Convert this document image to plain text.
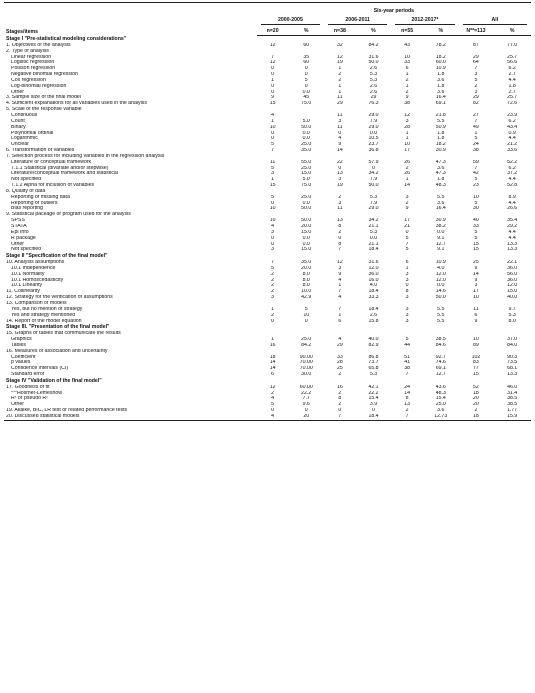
	Six-year periods							
Stages/items	2000-2005		2006-2011		2012-2017*		All	

	n=20	%	n=38	%	n=55	%	N**=113	%
Stage I "Pre-statistical modeling considerations"								
1. Objectives of the analysis	12	60	32	84.2	43	78.2	87	77.0
2. Type of analysis								
Linear regression	7	35	12	31.6	10	18.2	29	25.7
Logistic regression	12	60	19	50.0	33	60.0	64	56.6
Poisson regression	0	0	1	2.6	6	10.9	7	6.2
Negative binomial regression	0	0	2	5.3	1	1.8	3	2.7
Cox regression	1	5	2	5.3	2	3.6	5	4.4
Log-binomial regression	0	0	1	2.6	1	1.8	2	1.8
Other	0	0.0	1	2.6	2	3.6	3	2.7
3. Sample size of the final model	9	45	11	29	9	16.4	29	25.7
4. Sufficient explanations for all variables used in the analysis	15	75.0	29	76.3	38	69.1	82	72.6
5. Scale of the response variable								
Continuous	4		11	29.0	12	21.8	27	23.9
Count	1	5.0	3	7.9	3	5.5	7	6.2
Binary	10	50.0	11	29.0	28	50.9	49	43.4
Polynomial ordinal	0	0.0	0	0.0	1	1.8	1	0.9
Logarithmic	0	0.0	4	10.5	1	1.8	5	4.4
Unclear	5	25.0	9	23.7	10	18.2	24	21.2
6. Transformation of variables	7	35.0	14	36.8	17	30.9	38	33.6
7. Selection process for including variables in the regression analysis								
Literature or conceptual framework	11	55.0	22	57.9	26	47.3	59	52.2
7.1.1 Statistical (bivariate and/or stepwise)	5	25.0	0	0	2	3.6	7	6.2
Literature/conceptual framework and statistical	3	15.0	13	34.2	26	47.3	42	37.2
Not specified	1	5.0	3	7.9	1	1.8	5	4.4
7.1.2 Alpha for inclusion of variables	15	75.0	19	50.0	14	48.3	23	52.8
8. Quality of data								
Reporting of missing data	5	25.0	2	5.3	3	5.5	10	8.9
Reporting of outliers	0	0.0	3	7.9	2	3.6	5	4.4
Bias reporting	10	50.0	11	29.0	9	16.4	30	26.6
9. Statistical package or program used for the analysis								
SPSS	10	50.0	13	34.2	17	30.9	40	35.4
STATA	4	20.0	8	21.1	21	38.2	33	29.2
Epi Info	3	15.0	2	5.3	0	0.0	5	4.4
R package	0	0.0	0	0.0	5	9.1	5	4.4
Other	0	0.0	8	21.1	7	12.7	15	13.3
Not specified	3	15.0	7	18.4	5	9.1	15	13.3
Stage II "Specification of the final model"								
10. Analysis assumptions	7	35.0	12	31.6	6	10.9	25	22.1
10.1 Independence	5	20.0	3	12.0	1	4.0	9	36.0
10.1 Normality	2	8.0	9	36.0	3	12.0	14	56.0
10.1 Homoscedasticity	2	8.0	4	16.0	3	12.0	9	36.0
10.1 Linearity	2	8.0	1	4.0	0	0.0	3	12.0
11. Collinearity	2	10.0	7	18.4	8	14.6	17	15.0
12. Strategy for the verification of assumptions	3	42.9	4	33.3	3	50.0	10	40.0
13. Comparison of models								
Yes, but no mention of strategy	1	5	7	18.4	3	5.5	11	9.7
Yes and strategy mentioned	2	10	1	2.6	3	5.5	6	5.3
14. Report of the model equation	0	0	6	15.8	3	5.5	9	8.0
Stage III. "Presentation of the final model"								
15. Graphs or tables that communicate the results								
Graphics	1	25.0	4	40.0	5	38.5	10	37.0
Tables	16	84.2	29	82.9	44	84.6	89	84.0
16. Measures of association and uncertainty								
Coefficient	18	90.00	33	86.8	51	92.7	102	90.3
p values	14	70.00	28	73.7	41	74.6	83	73.5
Confidence intervals (CI)	14	70.00	25	65.8	38	69.1	77	68.1
Standard error	6	30.0	2	5.3	7	12.7	15	13.3
Stage IV "Validation of the final model"								
17. Goodness of fit	12	60.00	16	42.1	24	43.6	52	46.0
***Hosmer-Lemeshow	2	22.2	2	22.2	14	48.3	18	31.4
R² or pseudo R²	4	7.7	8	15.4	8	15.4	20	38.5
Other	5	9.6	2	3.9	13	25.0	20	38.5
19. Akaike, BIC, LR test or related performance tests	0	0	0	0	2	3.6	2	1.77
20. Discussed statistical models	4	20	7	18.4	7	12.73	18	15.9
